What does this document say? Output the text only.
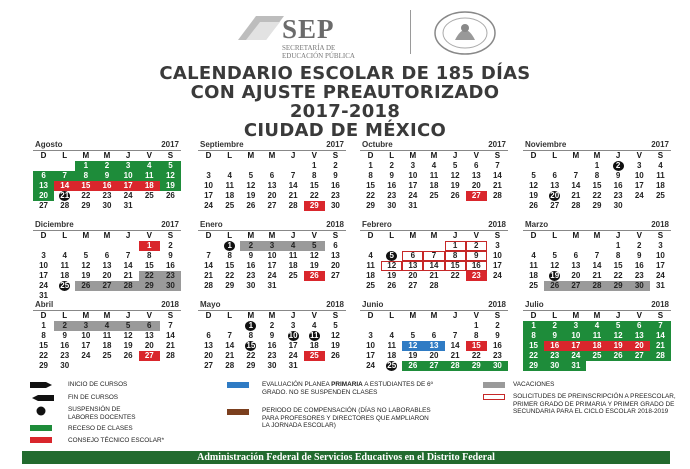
SEP
SECRETARÍA DE EDUCACIÓN PÚBLICA
CALENDARIO ESCOLAR DE 185 DÍAS
CON AJUSTE PREAUTORIZADO
2017-2018
CIUDAD DE MÉXICO
Agosto	2017
D	L	M	M	J	V	S
		1	2	3	4	5
6	7	8	9	10	11	12
13	14	15	16	17	18	19
20	21	22	23	24	25	26
27	28	29	30	31		
Septiembre	2017
D	L	M	M	J	V	S
					1	2
3	4	5	6	7	8	9
10	11	12	13	14	15	16
17	18	19	20	21	22	23
24	25	26	27	28	29	30
Octubre	2017
D	L	M	M	J	V	S
1	2	3	4	5	6	7
8	9	10	11	12	13	14
15	16	17	18	19	20	21
22	23	24	25	26	27	28
29	30	31				
Noviembre	2017
D	L	M	M	J	V	S
			1	2	3	4
5	6	7	8	9	10	11
12	13	14	15	16	17	18
19	20	21	22	23	24	25
26	27	28	29	30		
Diciembre	2017
D	L	M	M	J	V	S
					1	2
3	4	5	6	7	8	9
10	11	12	13	14	15	16
17	18	19	20	21	22	23
24	25	26	27	28	29	30
31						
Enero	2018
D	L	M	M	J	V	S
	1	2	3	4	5	6
7	8	9	10	11	12	13
14	15	16	17	18	19	20
21	22	23	24	25	26	27
28	29	30	31			
Febrero	2018
D	L	M	M	J	V	S
				1	2	3
4	5	6	7	8	9	10
11	12	13	14	15	16	17
18	19	20	21	22	23	24
25	26	27	28			
Marzo	2018
D	L	M	M	J	V	S
				1	2	3
4	5	6	7	8	9	10
11	12	13	14	15	16	17
18	19	20	21	22	23	24
25	26	27	28	29	30	31
Abril	2018
D	L	M	M	J	V	S
1	2	3	4	5	6	7
8	9	10	11	12	13	14
15	16	17	18	19	20	21
22	23	24	25	26	27	28
29	30					
Mayo	2018
D	L	M	M	J	V	S
		1	2	3	4	5
6	7	8	9	10	11	12
13	14	15	16	17	18	19
20	21	22	23	24	25	26
27	28	29	30	31		
Junio	2018
D	L	M	M	J	V	S
					1	2
3	4	5	6	7	8	9
10	11	12	13	14	15	16
17	18	19	20	21	22	23
24	25	26	27	28	29	30
Julio	2018
D	L	M	M	J	V	S
1	2	3	4	5	6	7
8	9	10	11	12	13	14
15	16	17	18	19	20	21
22	23	24	25	26	27	28
29	30	31				
INICIO DE CURSOS
FIN DE CURSOS
SUSPENSIÓN DE LABORES DOCENTES
RECESO DE CLASES
CONSEJO TÉCNICO ESCOLAR*
EVALUACIÓN PLANEA PRIMARIA A ESTUDIANTES DE 6º GRADO. NO SE SUSPENDEN CLASES
PERIODO DE COMPENSACIÓN (DÍAS NO LABORABLES PARA PROFESORES Y DIRECTORES QUE AMPLIARON LA JORNADA ESCOLAR)
VACACIONES
SOLICITUDES DE PREINSCRIPCIÓN A PREESCOLAR, PRIMER GRADO DE PRIMARIA Y PRIMER GRADO DE SECUNDARIA PARA EL CICLO ESCOLAR 2018-2019
Administración Federal de Servicios Educativos en el Distrito Federal
